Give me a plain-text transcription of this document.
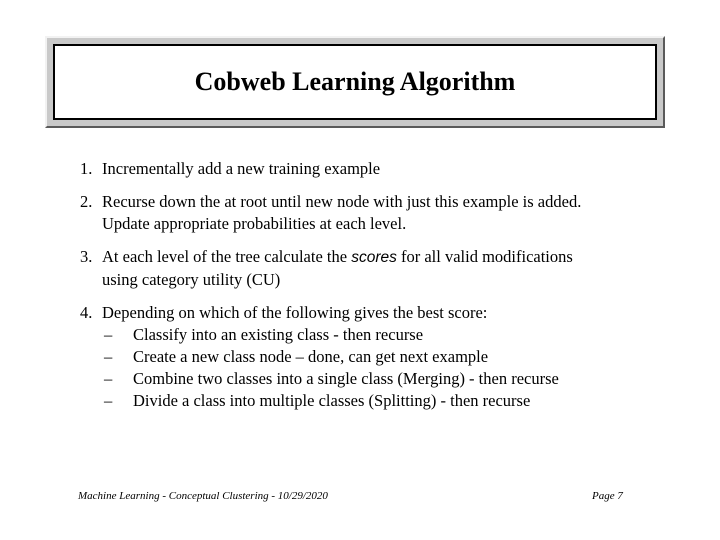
Cobweb Learning Algorithm
1. Incrementally add a new training example
2. Recurse down the at root until new node with just this example is added.
Update appropriate probabilities at each level.
3. At each level of the tree calculate the scores for all valid modifications
using category utility (CU)
4. Depending on which of the following gives the best score:
– Classify into an existing class - then recurse
– Create a new class node – done, can get next example
– Combine two classes into a single class (Merging) - then recurse
– Divide a class into multiple classes (Splitting) - then recurse
Machine Learning - Conceptual Clustering - 10/29/2020	Page 7
